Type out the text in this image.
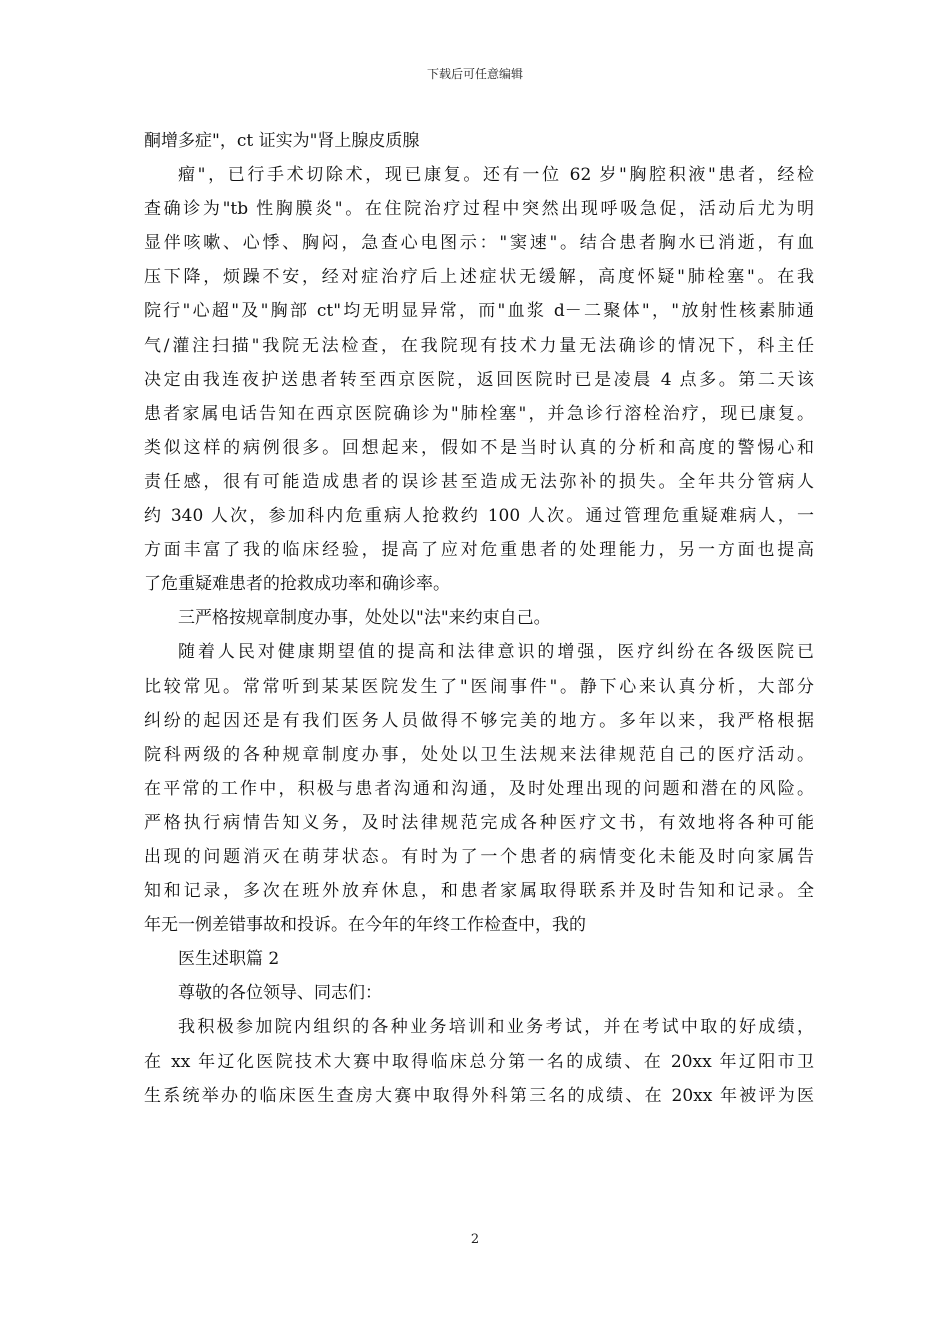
下载后可任意编辑
酮增多症"，ct 证实为"肾上腺皮质腺
瘤"，已行手术切除术，现已康复。还有一位 62 岁"胸腔积液"患者，经检
查确诊为"tb 性胸膜炎"。在住院治疗过程中突然出现呼吸急促，活动后尤为明
显伴咳嗽、心悸、胸闷，急查心电图示："窦速"。结合患者胸水已消逝，有血
压下降，烦躁不安，经对症治疗后上述症状无缓解，高度怀疑"肺栓塞"。在我
院行"心超"及"胸部 ct"均无明显异常，而"血浆 d－二聚体"，"放射性核素肺通
气/灌注扫描"我院无法检查，在我院现有技术力量无法确诊的情况下，科主任
决定由我连夜护送患者转至西京医院，返回医院时已是凌晨 4 点多。第二天该
患者家属电话告知在西京医院确诊为"肺栓塞"，并急诊行溶栓治疗，现已康复。
类似这样的病例很多。回想起来，假如不是当时认真的分析和高度的警惕心和
责任感，很有可能造成患者的误诊甚至造成无法弥补的损失。全年共分管病人
约 340 人次，参加科内危重病人抢救约 100 人次。通过管理危重疑难病人，一
方面丰富了我的临床经验，提高了应对危重患者的处理能力，另一方面也提高
了危重疑难患者的抢救成功率和确诊率。
三严格按规章制度办事，处处以"法"来约束自己。
随着人民对健康期望值的提高和法律意识的增强，医疗纠纷在各级医院已
比较常见。常常听到某某医院发生了"医闹事件"。静下心来认真分析，大部分
纠纷的起因还是有我们医务人员做得不够完美的地方。多年以来，我严格根据
院科两级的各种规章制度办事，处处以卫生法规来法律规范自己的医疗活动。
在平常的工作中，积极与患者沟通和沟通，及时处理出现的问题和潜在的风险。
严格执行病情告知义务，及时法律规范完成各种医疗文书，有效地将各种可能
出现的问题消灭在萌芽状态。有时为了一个患者的病情变化未能及时向家属告
知和记录，多次在班外放弃休息，和患者家属取得联系并及时告知和记录。全
年无一例差错事故和投诉。在今年的年终工作检查中，我的
医生述职篇 2
尊敬的各位领导、同志们：
我积极参加院内组织的各种业务培训和业务考试，并在考试中取的好成绩，
在 xx 年辽化医院技术大赛中取得临床总分第一名的成绩、在 20xx 年辽阳市卫
生系统举办的临床医生查房大赛中取得外科第三名的成绩、在 20xx 年被评为医
2
